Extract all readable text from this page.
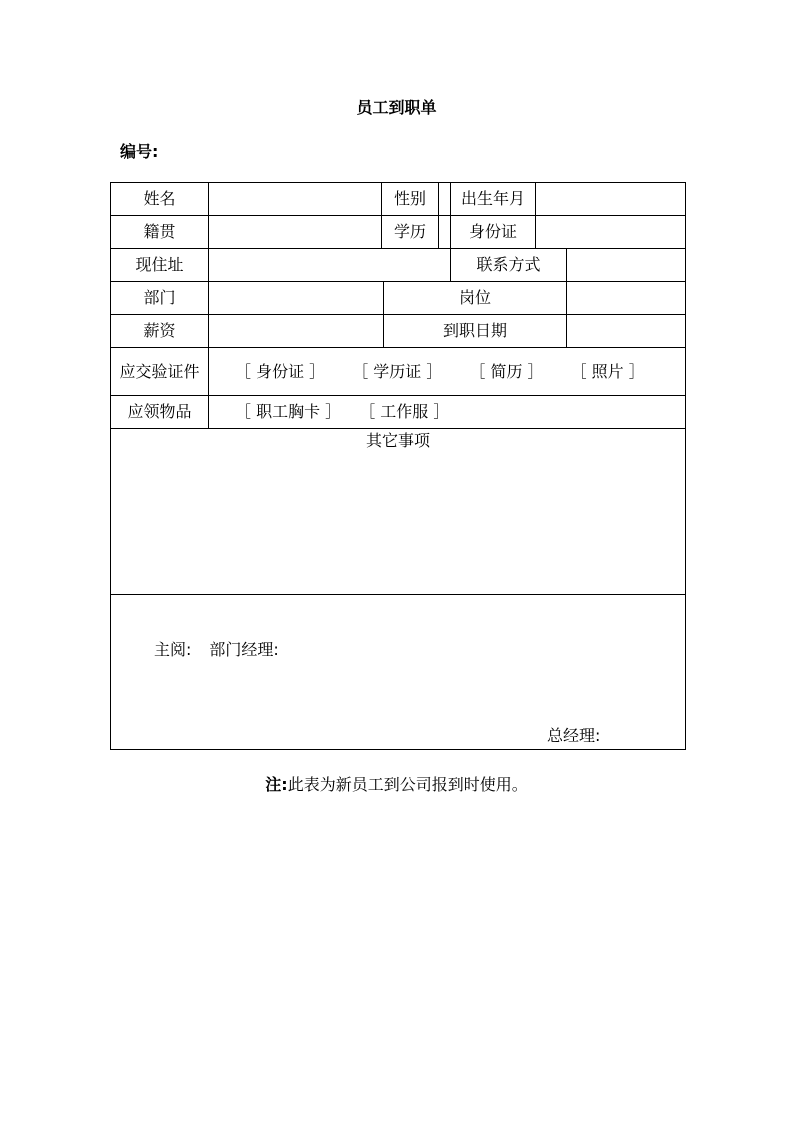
员工到职单
编号:
姓名		性别			出生年月		
籍贯		学历			身份证		
现住址					联系方式		
部门			岗位				
薪资			到职日期				
应交验证件	［ 身份证 ］ ［ 学历证 ］ ［ 简历 ］ ［ 照片 ］						
应领物品	［ 职工胸卡 ］ ［ 工作服 ］						
其它事项							

主阅: 部门经理:
总经理:							
注:此表为新员工到公司报到时使用。
